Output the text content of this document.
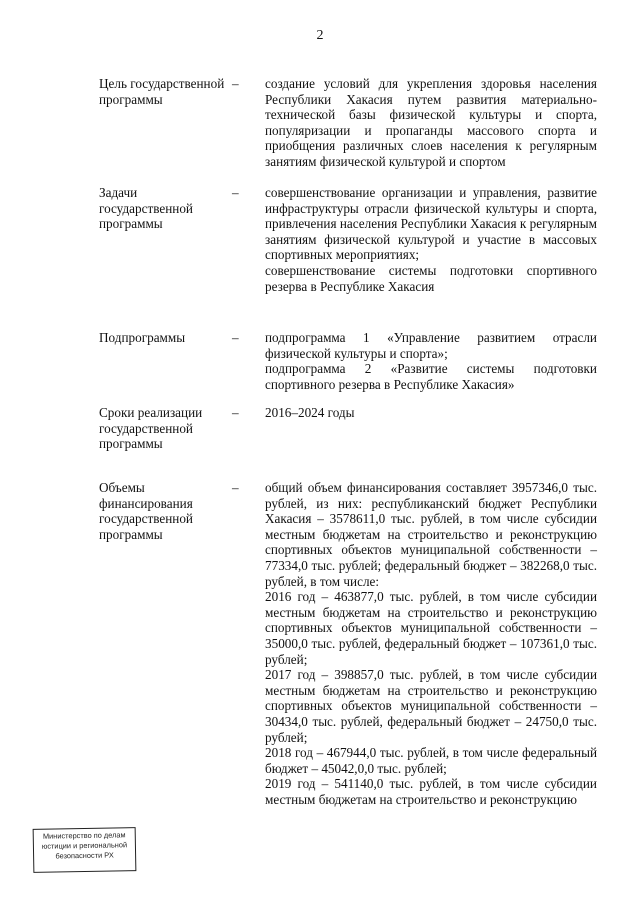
2
Цель государственной программы
– создание условий для укрепления здоровья населения Республики Хакасия путем развития материально-технической базы физической культуры и спорта, популяризации и пропаганды массового спорта и приобщения различных слоев населения к регулярным занятиям физической культурой и спортом

Задачи государственной программы
– совершенствование организации и управления, развитие инфраструктуры отрасли физической культуры и спорта, привлечения населения Республики Хакасия к регулярным занятиям физической культурой и участие в массовых спортивных мероприятиях;

совершенствование системы подготовки спортивного резерва в Республике Хакасия

Подпрограммы	– подпрограмма 1 «Управление развитием отрасли физической культуры и спорта»;

подпрограмма 2 «Развитие системы подготовки спортивного резерва в Республике Хакасия»

Сроки реализации государственной программы
– 2016–2024 годы

Объемы финансирования государственной программы
– общий объем финансирования составляет 3957346,0 тыс. рублей, из них: республиканский бюджет Республики Хакасия – 3578611,0 тыс. рублей, в том числе субсидии местным бюджетам на строительство и реконструкцию спортивных объектов муниципальной собственности – 77334,0 тыс. рублей; федеральный бюджет – 382268,0 тыс. рублей, в том числе:

2016 год – 463877,0 тыс. рублей, в том числе субсидии местным бюджетам на строительство и реконструкцию спортивных объектов муниципальной собственности – 35000,0 тыс. рублей, федеральный бюджет – 107361,0 тыс. рублей;

2017 год – 398857,0 тыс. рублей, в том числе субсидии местным бюджетам на строительство и реконструкцию спортивных объектов муниципальной собственности – 30434,0 тыс. рублей, федеральный бюджет – 24750,0 тыс. рублей;

2018 год – 467944,0 тыс. рублей, в том числе федеральный бюджет – 45042,0,0 тыс. рублей;

2019 год – 541140,0 тыс. рублей, в том числе субсидии местным бюджетам на строительство и реконструкцию

Министерство по делам
юстиции и региональной
безопасности РХ
